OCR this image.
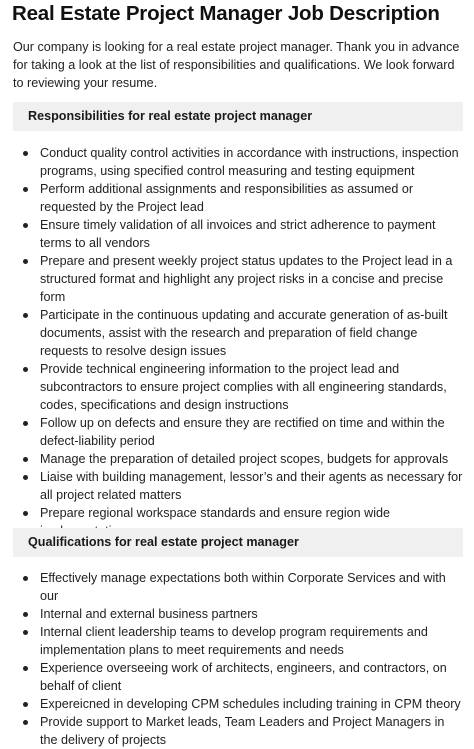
Real Estate Project Manager Job Description

Our company is looking for a real estate project manager. Thank you in advance for taking a look at the list of responsibilities and qualifications. We look forward to reviewing your resume.

Responsibilities for real estate project manager
Conduct quality control activities in accordance with instructions, inspection programs, using specified control measuring and testing equipment
Perform additional assignments and responsibilities as assumed or requested by the Project lead
Ensure timely validation of all invoices and strict adherence to payment terms to all vendors
Prepare and present weekly project status updates to the Project lead in a structured format and highlight any project risks in a concise and precise form
Participate in the continuous updating and accurate generation of as-built documents, assist with the research and preparation of field change requests to resolve design issues
Provide technical engineering information to the project lead and subcontractors to ensure project complies with all engineering standards, codes, specifications and design instructions
Follow up on defects and ensure they are rectified on time and within the defect-liability period
Manage the preparation of detailed project scopes, budgets for approvals
Liaise with building management, lessor’s and their agents as necessary for all project related matters
Prepare regional workspace standards and ensure region wide
Qualifications for real estate project manager
Effectively manage expectations both within Corporate Services and with our
Internal and external business partners
Internal client leadership teams to develop program requirements and implementation plans to meet requirements and needs
Experience overseeing work of architects, engineers, and contractors, on behalf of client
Expereicned in developing CPM schedules including training in CPM theory
Provide support to Market leads, Team Leaders and Project Managers in the delivery of projects
